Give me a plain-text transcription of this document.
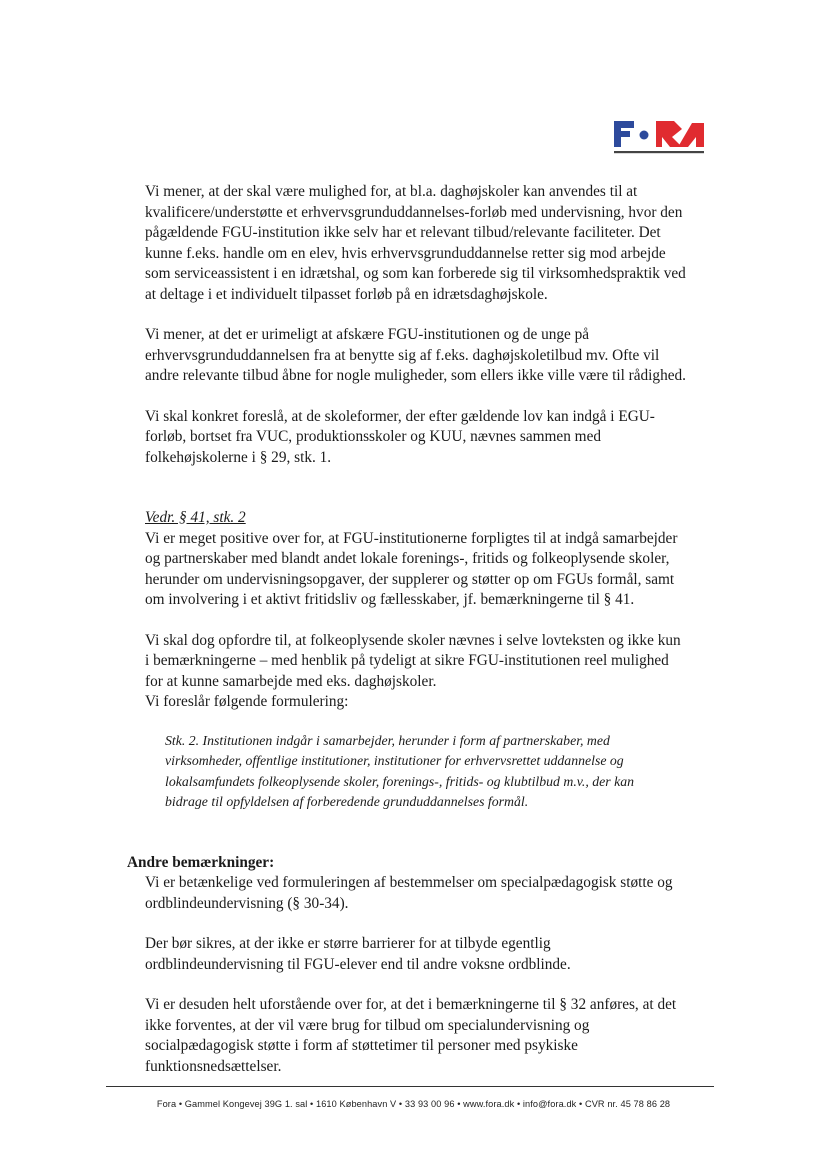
Vi mener, at der skal være mulighed for, at bl.a. daghøjskoler kan anvendes til at
kvalificere/understøtte et erhvervsgrunduddannelses-forløb med undervisning, hvor den
pågældende FGU-institution ikke selv har et relevant tilbud/relevante faciliteter. Det
kunne f.eks. handle om en elev, hvis erhvervsgrunduddannelse retter sig mod arbejde
som serviceassistent i en idrætshal, og som kan forberede sig til virksomhedspraktik ved
at deltage i et individuelt tilpasset forløb på en idrætsdaghøjskole.

Vi mener, at det er urimeligt at afskære FGU-institutionen og de unge på
erhvervsgrunduddannelsen fra at benytte sig af f.eks. daghøjskoletilbud mv. Ofte vil
andre relevante tilbud åbne for nogle muligheder, som ellers ikke ville være til rådighed.

Vi skal konkret foreslå, at de skoleformer, der efter gældende lov kan indgå i EGU-
forløb, bortset fra VUC, produktionsskoler og KUU, nævnes sammen med
folkehøjskolerne i § 29, stk. 1.

Vedr. § 41, stk. 2

Vi er meget positive over for, at FGU-institutionerne forpligtes til at indgå samarbejder
og partnerskaber med blandt andet lokale forenings-, fritids og folkeoplysende skoler,
herunder om undervisningsopgaver, der supplerer og støtter op om FGUs formål, samt
om involvering i et aktivt fritidsliv og fællesskaber, jf. bemærkningerne til § 41.

Vi skal dog opfordre til, at folkeoplysende skoler nævnes i selve lovteksten og ikke kun
i bemærkningerne – med henblik på tydeligt at sikre FGU-institutionen reel mulighed
for at kunne samarbejde med eks. daghøjskoler.

Vi foreslår følgende formulering:

Stk. 2. Institutionen indgår i samarbejder, herunder i form af partnerskaber, med
virksomheder, offentlige institutioner, institutioner for erhvervsrettet uddannelse og
lokalsamfundets folkeoplysende skoler, forenings-, fritids- og klubtilbud m.v., der kan
bidrage til opfyldelsen af forberedende grunduddannelses formål.

Andre bemærkninger:

Vi er betænkelige ved formuleringen af bestemmelser om specialpædagogisk støtte og
ordblindeundervisning (§ 30-34).

Der bør sikres, at der ikke er større barrierer for at tilbyde egentlig
ordblindeundervisning til FGU-elever end til andre voksne ordblinde.

Vi er desuden helt uforstående over for, at det i bemærkningerne til § 32 anføres, at det
ikke forventes, at der vil være brug for tilbud om specialundervisning og
socialpædagogisk støtte i form af støttetimer til personer med psykiske
funktionsnedsættelser.

Fora • Gammel Kongevej 39G 1. sal • 1610 København V • 33 93 00 96 • www.fora.dk • info@fora.dk • CVR nr. 45 78 86 28
